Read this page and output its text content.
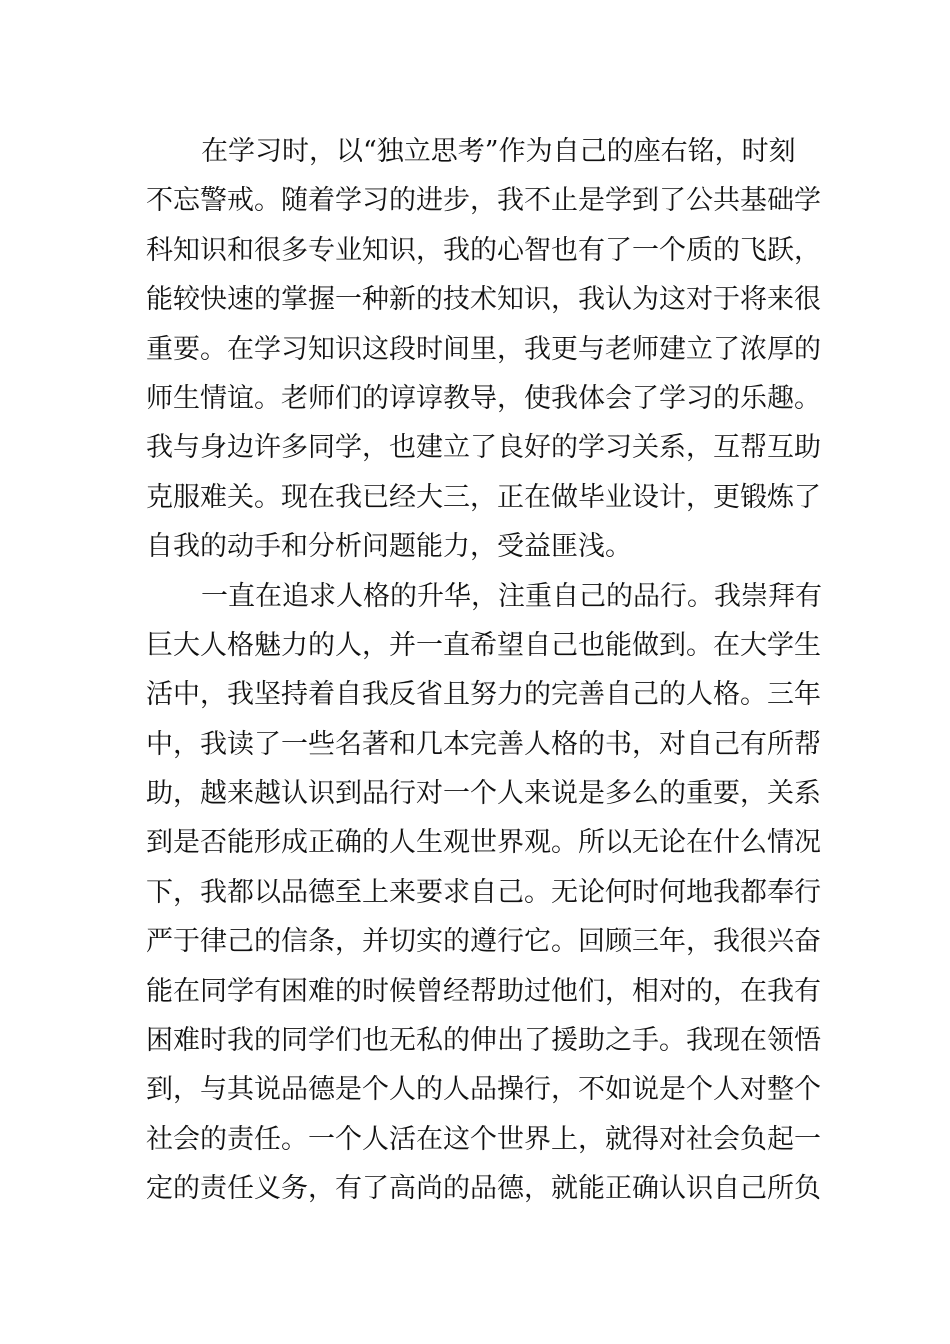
在学习时，以“独立思考”作为自己的座右铭，时刻
不忘警戒。随着学习的进步，我不止是学到了公共基础学
科知识和很多专业知识，我的心智也有了一个质的飞跃，
能较快速的掌握一种新的技术知识，我认为这对于将来很
重要。在学习知识这段时间里，我更与老师建立了浓厚的
师生情谊。老师们的谆谆教导，使我体会了学习的乐趣。
我与身边许多同学，也建立了良好的学习关系，互帮互助
克服难关。现在我已经大三，正在做毕业设计，更锻炼了
自我的动手和分析问题能力，受益匪浅。
一直在追求人格的升华，注重自己的品行。我崇拜有
巨大人格魅力的人，并一直希望自己也能做到。在大学生
活中，我坚持着自我反省且努力的完善自己的人格。三年
中，我读了一些名著和几本完善人格的书，对自己有所帮
助，越来越认识到品行对一个人来说是多么的重要，关系
到是否能形成正确的人生观世界观。所以无论在什么情况
下，我都以品德至上来要求自己。无论何时何地我都奉行
严于律己的信条，并切实的遵行它。回顾三年，我很兴奋
能在同学有困难的时候曾经帮助过他们，相对的，在我有
困难时我的同学们也无私的伸出了援助之手。我现在领悟
到，与其说品德是个人的人品操行，不如说是个人对整个
社会的责任。一个人活在这个世界上，就得对社会负起一
定的责任义务，有了高尚的品德，就能正确认识自己所负
